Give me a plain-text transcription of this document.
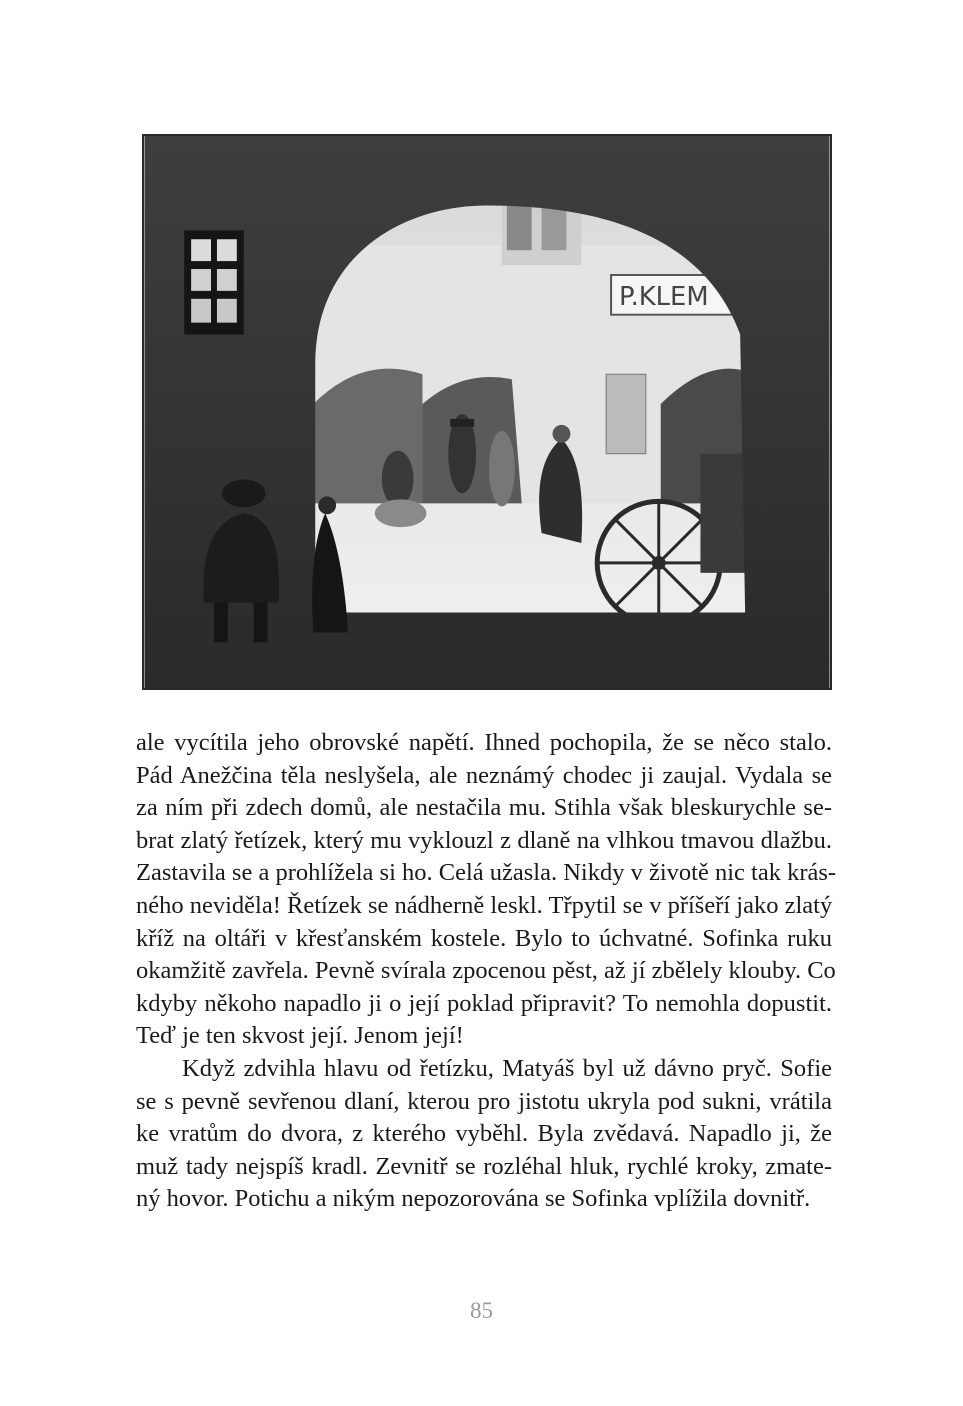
P.KLEM
ale vycítila jeho obrovské napětí. Ihned pochopila, že se něco stalo.
Pád Anežčina těla neslyšela, ale neznámý chodec ji zaujal. Vydala se
za ním při zdech domů, ale nestačila mu. Stihla však bleskurychle se-
brat zlatý řetízek, který mu vyklouzl z dlaně na vlhkou tmavou dlažbu.
Zastavila se a prohlížela si ho. Celá užasla. Nikdy v životě nic tak krás-
ného neviděla! Řetízek se nádherně leskl. Třpytil se v příšeří jako zlatý
kříž na oltáři v křesťanském kostele. Bylo to úchvatné. Sofinka ruku
okamžitě zavřela. Pevně svírala zpocenou pěst, až jí zbělely klouby. Co
kdyby někoho napadlo ji o její poklad připravit? To nemohla dopustit.
Teď je ten skvost její. Jenom její!
Když zdvihla hlavu od řetízku, Matyáš byl už dávno pryč. Sofie
se s pevně sevřenou dlaní, kterou pro jistotu ukryla pod sukni, vrátila
ke vratům do dvora, z kterého vyběhl. Byla zvědavá. Napadlo ji, že
muž tady nejspíš kradl. Zevnitř se rozléhal hluk, rychlé kroky, zmate-
ný hovor. Potichu a nikým nepozorována se Sofinka vplížila dovnitř.
85
